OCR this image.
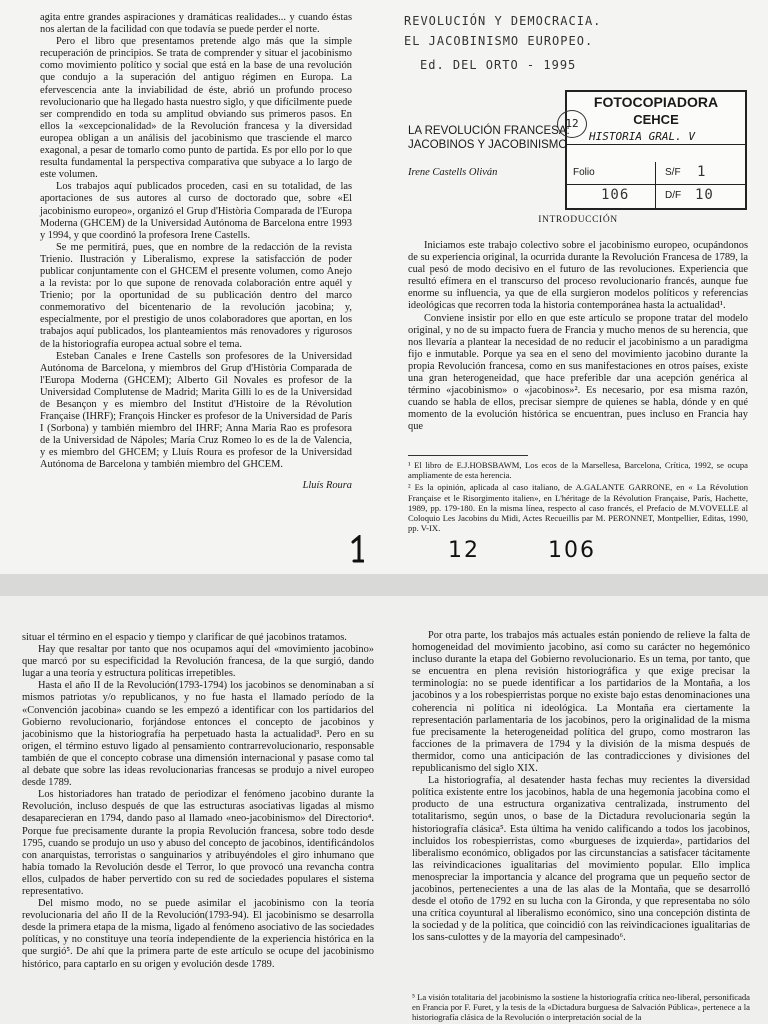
agita entre grandes aspiraciones y dramáticas realidades... y cuando éstas nos alertan de la facilidad con que todavía se puede perder el norte.

Pero el libro que presentamos pretende algo más que la simple recuperación de principios. Se trata de comprender y situar el jacobinismo como movimiento político y social que está en la base de una revolución que condujo a la superación del antiguo régimen en Europa. La efervescencia ante la inviabilidad de éste, abrió un profundo proceso revolucionario que ha llegado hasta nuestro siglo, y que difícilmente puede ser comprendido en toda su amplitud obviando sus primeros pasos. En ellos la «excepcionalidad» de la Revolución francesa y la diversidad europea obligan a un análisis del jacobinismo que trasciende el marco exagonal, a pesar de tomarlo como punto de partida. Es por ello por lo que resulta fundamental la perspectiva comparativa que subyace a lo largo de este volumen.

Los trabajos aquí publicados proceden, casi en su totalidad, de las aportaciones de sus autores al curso de doctorado que, sobre «El jacobinismo europeo», organizó el Grup d'Història Comparada de l'Europa Moderna (GHCEM) de la Universidad Autónoma de Barcelona entre 1993 y 1994, y que coordinó la profesora Irene Castells.

Se me permitirá, pues, que en nombre de la redacción de la revista Trienio. Ilustración y Liberalismo, exprese la satisfacción de poder publicar conjuntamente con el GHCEM el presente volumen, como Anejo a la revista: por lo que supone de renovada colaboración entre aquél y Trienio; por la oportunidad de su publicación dentro del marco conmemorativo del bicentenario de la revolución jacobina; y, especialmente, por el prestigio de unos colaboradores que aportan, en los trabajos aquí publicados, los planteamientos más renovadores y rigurosos de la historiografía europea actual sobre el tema.

Esteban Canales e Irene Castells son profesores de la Universidad Autónoma de Barcelona, y miembros del Grup d'Història Comparada de l'Europa Moderna (GHCEM); Alberto Gil Novales es profesor de la Universidad Complutense de Madrid; Marita Gilli lo es de la Universidad de Besançon y es miembro del Institut d'Histoire de la Révolution Française (IHRF); François Hincker es profesor de la Universidad de París I (Sorbona) y también miembro del IHRF; Anna Maria Rao es profesora de la Universidad de Nápoles; María Cruz Romeo lo es de la de Valencia, y es miembro del GHCEM; y Lluís Roura es profesor de la Universidad Autónoma de Barcelona y también miembro del GHCEM.

Lluís Roura
REVOLUCIÓN Y DEMOCRACIA.
EL JACOBINISMO EUROPEO.
Ed. DEL ORTO - 1995
12
FOTOCOPIADORA
CEHCE
HISTORIA GRAL. V
Folio	S/F 1
106	D/F 10
LA REVOLUCIÓN FRANCESA:
JACOBINOS Y JACOBINISMO
Irene Castells Oliván
INTRODUCCIÓN

Iniciamos este trabajo colectivo sobre el jacobinismo europeo, ocupándonos de su experiencia original, la ocurrida durante la Revolución Francesa de 1789, la cual pesó de modo decisivo en el futuro de las revoluciones. Experiencia que resultó efímera en el transcurso del proceso revolucionario francés, aunque fue enorme su influencia, ya que de ella surgieron modelos políticos y referencias ideológicas que recorren toda la historia contemporánea hasta la actualidad¹.

Conviene insistir por ello en que este artículo se propone tratar del modelo original, y no de su impacto fuera de Francia y mucho menos de su herencia, que nos llevaría a plantear la necesidad de no reducir el jacobinismo a un paradigma fijo e inmutable. Porque ya sea en el seno del movimiento jacobino durante la propia Revolución francesa, como en sus manifestaciones en otros países, existe una gran heterogeneidad, que hace preferible dar una acepción genérica al término «jacobinismo» o «jacobinos»². Es necesario, por esa misma razón, cuando se habla de ellos, precisar siempre de quienes se habla, dónde y en qué momento de la evolución histórica se encuentran, pues incluso en Francia hay que

¹ El libro de E.J.HOBSBAWM, Los ecos de la Marsellesa, Barcelona, Crítica, 1992, se ocupa ampliamente de esta herencia.

² Es la opinión, aplicada al caso italiano, de A.GALANTE GARRONE, en « La Révolution Française et le Risorgimento italien», en L'héritage de la Révolution Française, París, Hachette, 1989, pp. 179-180. En la misma línea, respecto al caso francés, el Prefacio de M.VOVELLE al Coloquio Les Jacobins du Midi, Actes Recueillis par M. PERONNET, Montpellier, Editas, 1990, pp. V-IX.

12	106

situar el término en el espacio y tiempo y clarificar de qué jacobinos tratamos.

Hay que resaltar por tanto que nos ocupamos aquí del «movimiento jacobino» que marcó por su especificidad la Revolución francesa, de la que surgió, dando lugar a una teoría y estructura políticas irrepetibles.

Hasta el año II de la Revolución(1793-1794) los jacobinos se denominaban a sí mismos patriotas y/o republicanos, y no fue hasta el llamado período de la «Convención jacobina» cuando se les empezó a identificar con los partidarios del Gobierno revolucionario, forjándose entonces el concepto de jacobinos y jacobinismo que la historiografía ha perpetuado hasta la actualidad³. Pero en su origen, el término estuvo ligado al pensamiento contrarrevolucionario, responsable también de que el concepto cobrase una dimensión internacional y pasase como tal al debate que sobre las ideas revolucionarias francesas se produjo a nivel europeo desde 1789.

Los historiadores han tratado de periodizar el fenómeno jacobino durante la Revolución, incluso después de que las estructuras asociativas ligadas al mismo desaparecieran en 1794, dando paso al llamado «neo-jacobinismo» del Directorio⁴. Porque fue precisamente durante la propia Revolución francesa, sobre todo desde 1795, cuando se produjo un uso y abuso del concepto de jacobinos, identificándolos con anarquistas, terroristas o sanguinarios y atribuyéndoles el giro inhumano que había tomado la Revolución desde el Terror, lo que provocó una revancha contra ellos, culpados de haber pervertido con su red de sociedades populares el sistema representativo.

Del mismo modo, no se puede asimilar el jacobinismo con la teoría revolucionaria del año II de la Revolución(1793-94). El jacobinismo se desarrolla desde la primera etapa de la misma, ligado al fenómeno asociativo de las sociedades políticas, y no constituye una teoría independiente de la experiencia histórica en la que surgió⁵. De ahí que la primera parte de este artículo se ocupe del jacobinismo histórico, para captarlo en su origen y evolución desde 1789.

Por otra parte, los trabajos más actuales están poniendo de relieve la falta de homogeneidad del movimiento jacobino, así como su carácter no hegemónico incluso durante la etapa del Gobierno revolucionario. Es un tema, por tanto, que se encuentra en plena revisión historiográfica y que exige precisar la terminología: no se puede identificar a los partidarios de la Montaña, a los jacobinos y a los robespierristas porque no existe bajo estas denominaciones una coherencia ni política ni ideológica. La Montaña era ciertamente la representación parlamentaria de los jacobinos, pero la originalidad de la misma fue precisamente la heterogeneidad política del grupo, como mostraron las facciones de la primavera de 1794 y la división de la misma después de thermidor, como una anticipación de las contradicciones y divisiones del republicanismo del siglo XIX.

La historiografía, al desatender hasta fechas muy recientes la diversidad política existente entre los jacobinos, habla de una hegemonía jacobina como el producto de una estructura organizativa centralizada, instrumento del totalitarismo, según unos, o base de la Dictadura revolucionaria según la historiografía clásica⁵. Esta última ha venido calificando a todos los jacobinos, incluidos los robespierristas, como «burgueses de izquierda», partidarios del liberalismo económico, obligados por las circunstancias a satisfacer tácitamente las reivindicaciones igualitarias del movimiento popular. Ello implica menospreciar la importancia y alcance del programa que un pequeño sector de jacobinos, pertenecientes a una de las alas de la Montaña, que se desarrolló desde el otoño de 1792 en su lucha con la Gironda, y que representaba no sólo una crítica coyuntural al liberalismo económico, sino una concepción distinta de la sociedad y de la política, que coincidió con las reivindicaciones igualitarias de los sans-culottes y de la mayoría del campesinado⁶.

⁵ La visión totalitaria del jacobinismo la sostiene la historiografía crítica neo-liberal, personificada en Francia por F. Furet, y la tesis de la «Dictadura burguesa de Salvación Pública», pertenece a la historiografía clásica de la Revolución o interpretación social de la
